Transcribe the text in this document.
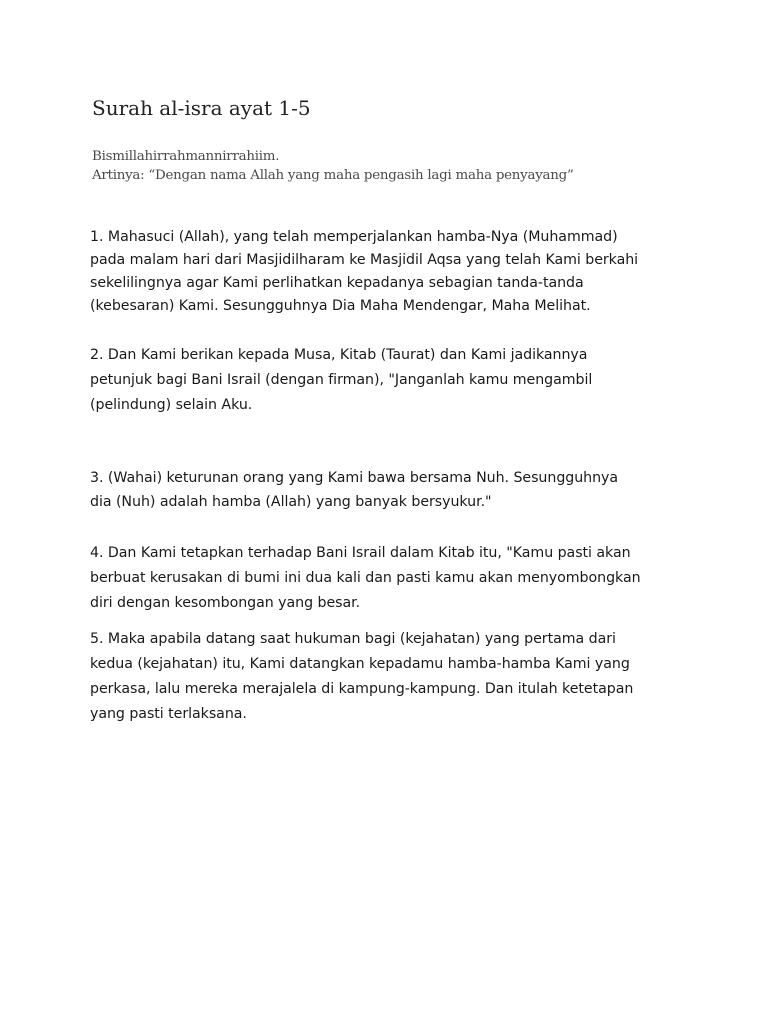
Surah al-isra ayat 1-5
Bismillahirrahmannirrahiim.
Artinya: “Dengan nama Allah yang maha pengasih lagi maha penyayang”

1. Mahasuci (Allah), yang telah memperjalankan hamba-Nya (Muhammad)
pada malam hari dari Masjidilharam ke Masjidil Aqsa yang telah Kami berkahi
sekelilingnya agar Kami perlihatkan kepadanya sebagian tanda-tanda
(kebesaran) Kami. Sesungguhnya Dia Maha Mendengar, Maha Melihat.

2. Dan Kami berikan kepada Musa, Kitab (Taurat) dan Kami jadikannya
petunjuk bagi Bani Israil (dengan firman), "Janganlah kamu mengambil
(pelindung) selain Aku.

3. (Wahai) keturunan orang yang Kami bawa bersama Nuh. Sesungguhnya
dia (Nuh) adalah hamba (Allah) yang banyak bersyukur."

4. Dan Kami tetapkan terhadap Bani Israil dalam Kitab itu, "Kamu pasti akan
berbuat kerusakan di bumi ini dua kali dan pasti kamu akan menyombongkan
diri dengan kesombongan yang besar.

5. Maka apabila datang saat hukuman bagi (kejahatan) yang pertama dari
kedua (kejahatan) itu, Kami datangkan kepadamu hamba-hamba Kami yang
perkasa, lalu mereka merajalela di kampung-kampung. Dan itulah ketetapan
yang pasti terlaksana.
